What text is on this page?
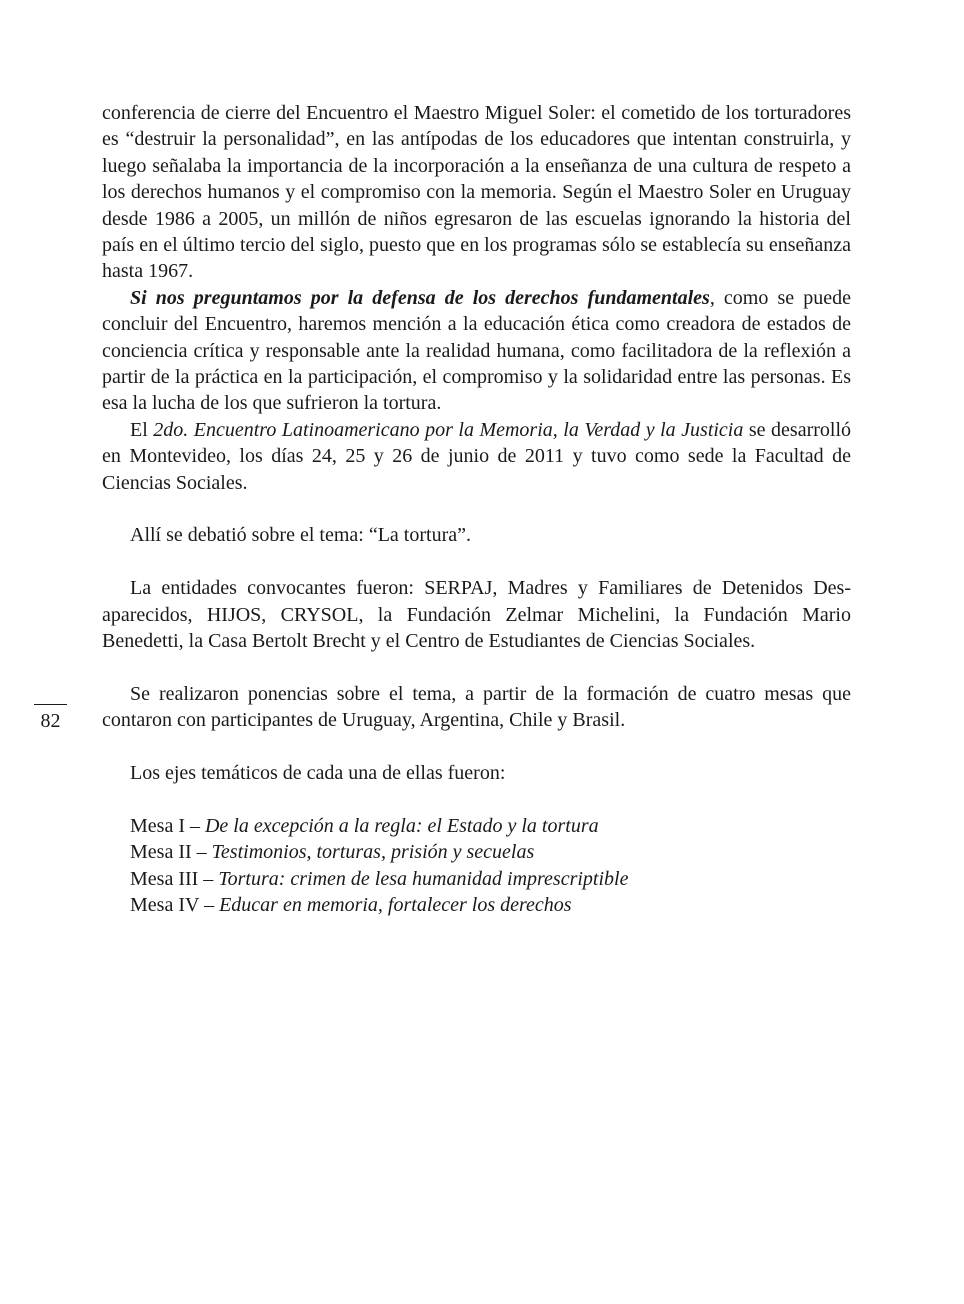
conferencia de cierre del Encuentro el Maestro Miguel Soler: el cometido de los torturadores es “destruir la personalidad”, en las antípodas de los educadores que intentan construirla, y luego señalaba la importancia de la incorporación a la enseñanza de una cultura de respeto a los derechos humanos y el compromiso con la memoria. Según el Maestro Soler en Uruguay desde 1986 a 2005, un millón de niños egresaron de las escuelas ignorando la historia del país en el último tercio del siglo, puesto que en los programas sólo se establecía su enseñanza hasta 1967.

Si nos preguntamos por la defensa de los derechos fundamentales, como se puede concluir del Encuentro, haremos mención a la educación ética como creadora de estados de conciencia crítica y responsable ante la realidad humana, como facilitadora de la reflexión a partir de la práctica en la participación, el compromiso y la solidaridad entre las personas. Es esa la lucha de los que sufrieron la tortura.

El 2do. Encuentro Latinoamericano por la Memoria, la Verdad y la Justicia se desarrolló en Montevideo, los días 24, 25 y 26 de junio de 2011 y tuvo como sede la Facultad de Ciencias Sociales.

Allí se debatió sobre el tema: “La tortura”.

La entidades convocantes fueron: SERPAJ, Madres y Familiares de Detenidos Desaparecidos, HIJOS, CRYSOL, la Fundación Zelmar Michelini, la Fundación Mario Benedetti, la Casa Bertolt Brecht y el Centro de Estudiantes de Ciencias Sociales.

Se realizaron ponencias sobre el tema, a partir de la formación de cuatro mesas que contaron con participantes de Uruguay, Argentina, Chile y Brasil.

Los ejes temáticos de cada una de ellas fueron:

Mesa I – De la excepción a la regla: el Estado y la tortura
Mesa II – Testimonios, torturas, prisión y secuelas
Mesa III – Tortura: crimen de lesa humanidad imprescriptible
Mesa IV – Educar en memoria, fortalecer los derechos
82
